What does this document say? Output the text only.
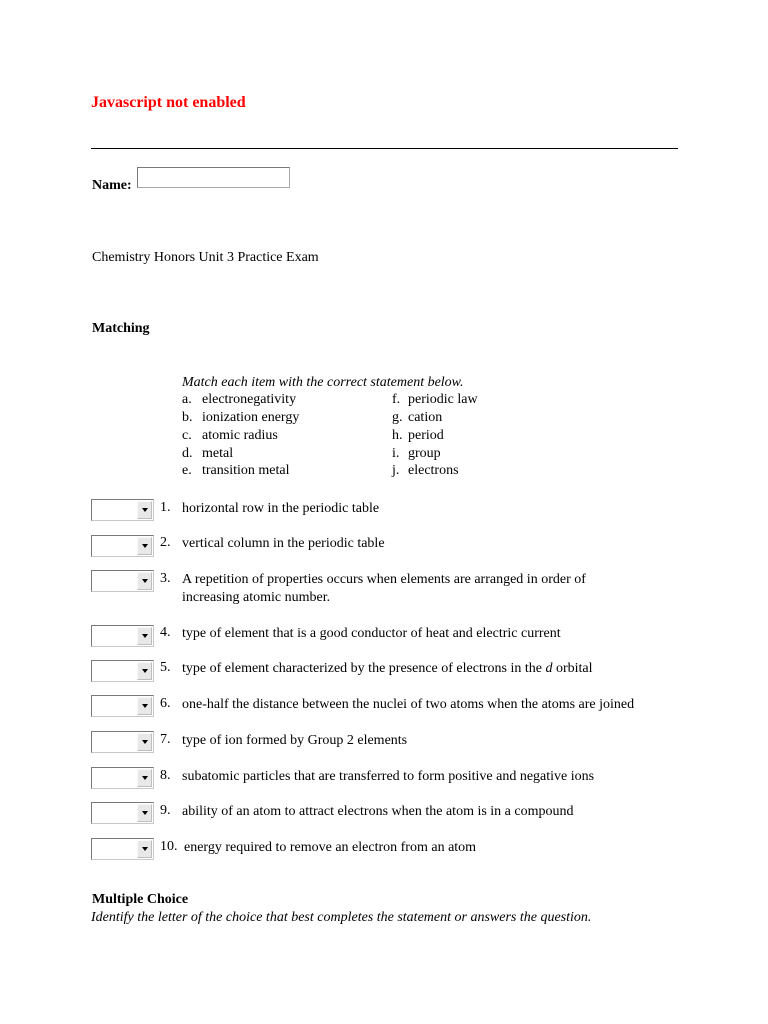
Javascript not enabled
Name:
Chemistry Honors Unit 3 Practice Exam
Matching
Match each item with the correct statement below.
a. electronegativity
b. ionization energy
c. atomic radius
d. metal
e. transition metal
f. periodic law
g. cation
h. period
i. group
j. electrons
1. horizontal row in the periodic table
2. vertical column in the periodic table
3. A repetition of properties occurs when elements are arranged in order of
increasing atomic number.
4. type of element that is a good conductor of heat and electric current
5. type of element characterized by the presence of electrons in the d orbital
6. one-half the distance between the nuclei of two atoms when the atoms are joined
7. type of ion formed by Group 2 elements
8. subatomic particles that are transferred to form positive and negative ions
9. ability of an atom to attract electrons when the atom is in a compound
10. energy required to remove an electron from an atom
Multiple Choice
Identify the letter of the choice that best completes the statement or answers the question.
